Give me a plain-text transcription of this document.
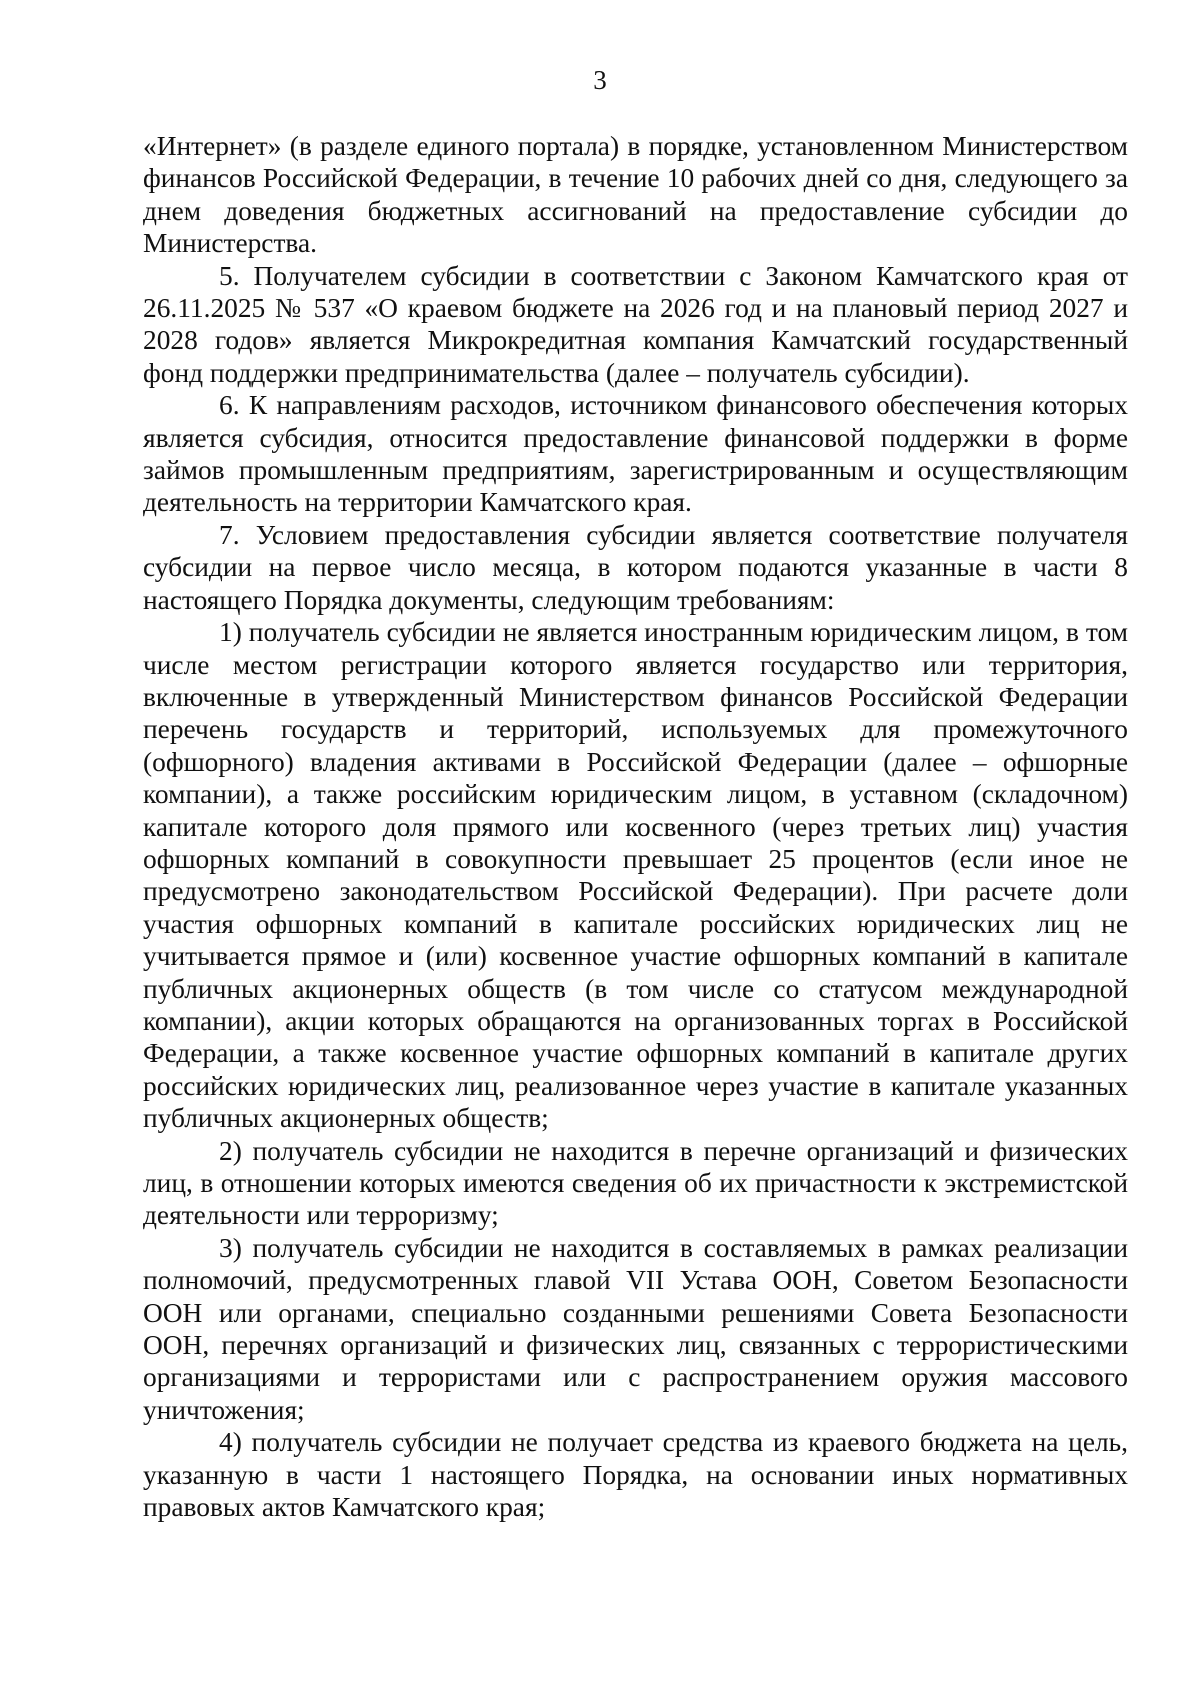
3

«Интернет» (в разделе единого портала) в порядке, установленном Министерством финансов Российской Федерации, в течение 10 рабочих дней со дня, следующего за днем доведения бюджетных ассигнований на предоставление субсидии до Министерства.

5. Получателем субсидии в соответствии с Законом Камчатского края от 26.11.2025 № 537 «О краевом бюджете на 2026 год и на плановый период 2027 и 2028 годов» является Микрокредитная компания Камчатский государственный фонд поддержки предпринимательства (далее – получатель субсидии).

6. К направлениям расходов, источником финансового обеспечения которых является субсидия, относится предоставление финансовой поддержки в форме займов промышленным предприятиям, зарегистрированным и осуществляющим деятельность на территории Камчатского края.

7. Условием предоставления субсидии является соответствие получателя субсидии на первое число месяца, в котором подаются указанные в части 8 настоящего Порядка документы, следующим требованиям:

1) получатель субсидии не является иностранным юридическим лицом, в том числе местом регистрации которого является государство или территория, включенные в утвержденный Министерством финансов Российской Федерации перечень государств и территорий, используемых для промежуточного (офшорного) владения активами в Российской Федерации (далее – офшорные компании), а также российским юридическим лицом, в уставном (складочном) капитале которого доля прямого или косвенного (через третьих лиц) участия офшорных компаний в совокупности превышает 25 процентов (если иное не предусмотрено законодательством Российской Федерации). При расчете доли участия офшорных компаний в капитале российских юридических лиц не учитывается прямое и (или) косвенное участие офшорных компаний в капитале публичных акционерных обществ (в том числе со статусом международной компании), акции которых обращаются на организованных торгах в Российской Федерации, а также косвенное участие офшорных компаний в капитале других российских юридических лиц, реализованное через участие в капитале указанных публичных акционерных обществ;

2) получатель субсидии не находится в перечне организаций и физических лиц, в отношении которых имеются сведения об их причастности к экстремистской деятельности или терроризму;

3) получатель субсидии не находится в составляемых в рамках реализации полномочий, предусмотренных главой VII Устава ООН, Советом Безопасности ООН или органами, специально созданными решениями Совета Безопасности ООН, перечнях организаций и физических лиц, связанных с террористическими организациями и террористами или с распространением оружия массового уничтожения;

4) получатель субсидии не получает средства из краевого бюджета на цель, указанную в части 1 настоящего Порядка, на основании иных нормативных правовых актов Камчатского края;
